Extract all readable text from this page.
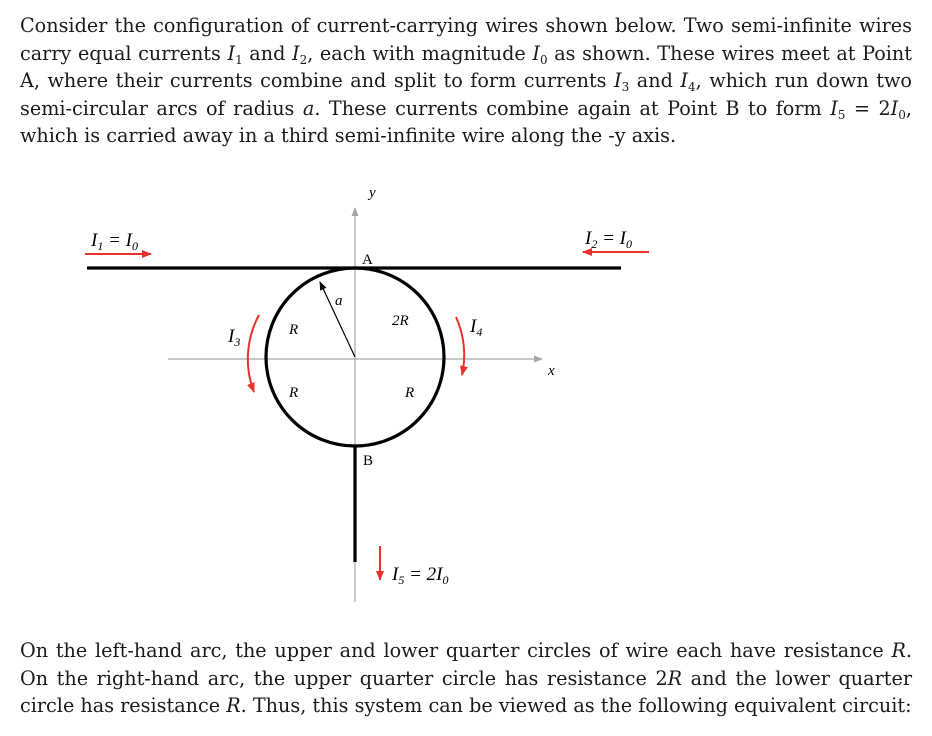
Consider the configuration of current-carrying wires shown below. Two semi-infinite wires carry equal currents $I_1$ and $I_2$, each with magnitude $I_0$ as shown. These wires meet at Point A, where their currents combine and split to form currents $I_3$ and $I_4$, which run down two semi-circular arcs of radius a. These currents combine again at Point B to form $I_5 = 2I_0$, which is carried away in a third semi-infinite wire along the -y axis.

a
A
B
y
x
R
R
2R
R
$I_1 = I_0$	$I_2 = I_0$
$I_3$
$I_4$
$I_5 = 2I_0$

On the left-hand arc, the upper and lower quarter circles of wire each have resistance R. On the right-hand arc, the upper quarter circle has resistance 2R and the lower quarter circle has resistance R. Thus, this system can be viewed as the following equivalent circuit:
